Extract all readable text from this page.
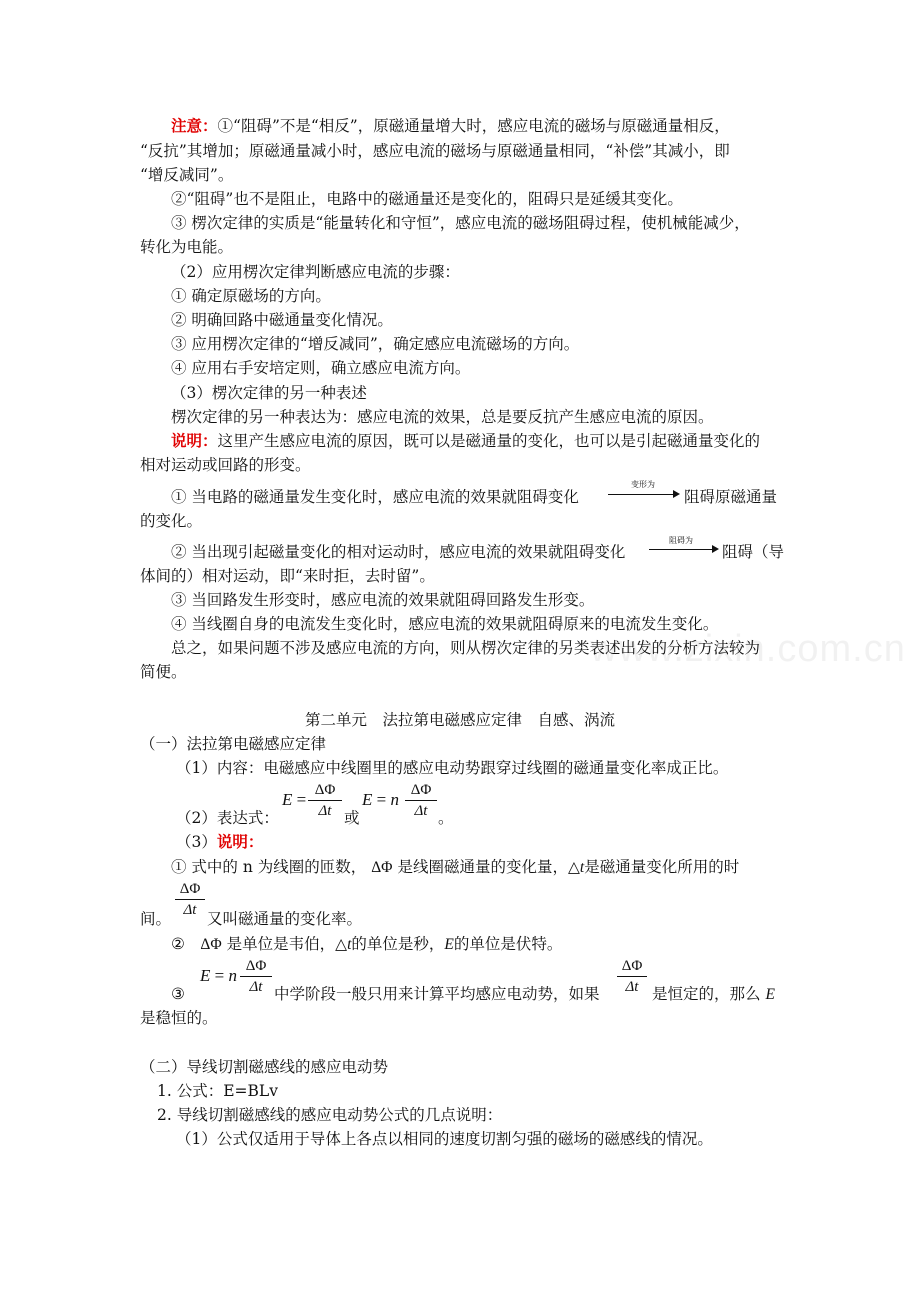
www.zixin.com.cn
注意：①“阻碍”不是“相反”，原磁通量增大时，感应电流的磁场与原磁通量相反，
“反抗”其增加；原磁通量减小时，感应电流的磁场与原磁通量相同，“补偿”其减小，即
“增反减同”。
②“阻碍”也不是阻止，电路中的磁通量还是变化的，阻碍只是延缓其变化。
③ 楞次定律的实质是“能量转化和守恒”，感应电流的磁场阻碍过程，使机械能减少，
转化为电能。
（2）应用楞次定律判断感应电流的步骤：
① 确定原磁场的方向。
② 明确回路中磁通量变化情况。
③ 应用楞次定律的“增反减同”，确定感应电流磁场的方向。
④ 应用右手安培定则，确立感应电流方向。
（3）楞次定律的另一种表述
楞次定律的另一种表达为：感应电流的效果，总是要反抗产生感应电流的原因。
说明：这里产生感应电流的原因，既可以是磁通量的变化，也可以是引起磁通量变化的
相对运动或回路的形变。
① 当电路的磁通量发生变化时，感应电流的效果就阻碍变化
变形为
阻碍原磁通量
的变化。
② 当出现引起磁量变化的相对运动时，感应电流的效果就阻碍变化
阻碍为
阻碍（导
体间的）相对运动，即“来时拒，去时留”。
③ 当回路发生形变时，感应电流的效果就阻碍回路发生形变。
④ 当线圈自身的电流发生变化时，感应电流的效果就阻碍原来的电流发生变化。
总之，如果问题不涉及感应电流的方向，则从楞次定律的另类表述出发的分析方法较为
简便。
第二单元　法拉第电磁感应定律　自感、涡流
（一）法拉第电磁感应定律
（1）内容：电磁感应中线圈里的感应电动势跟穿过线圈的磁通量变化率成正比。
（2）表达式：
E = ΔΦ
Δt 或
E = n ΔΦ
Δt 。
（3）说明：
① 式中的 n 为线圈的匝数， ΔΦ 是线圈磁通量的变化量，△t是磁通量变化所用的时
ΔΦ
Δt
间。 又叫磁通量的变化率。
②　 ΔΦ 是单位是韦伯，△t的单位是秒，E的单位是伏特。
③
E = n ΔΦ
Δt 中学阶段一般只用来计算平均感应电动势，如果
ΔΦ
Δt 是恒定的，那么 E
是稳恒的。
（二）导线切割磁感线的感应电动势
1. 公式：E=BLv
2. 导线切割磁感线的感应电动势公式的几点说明：
（1）公式仅适用于导体上各点以相同的速度切割匀强的磁场的磁感线的情况。
